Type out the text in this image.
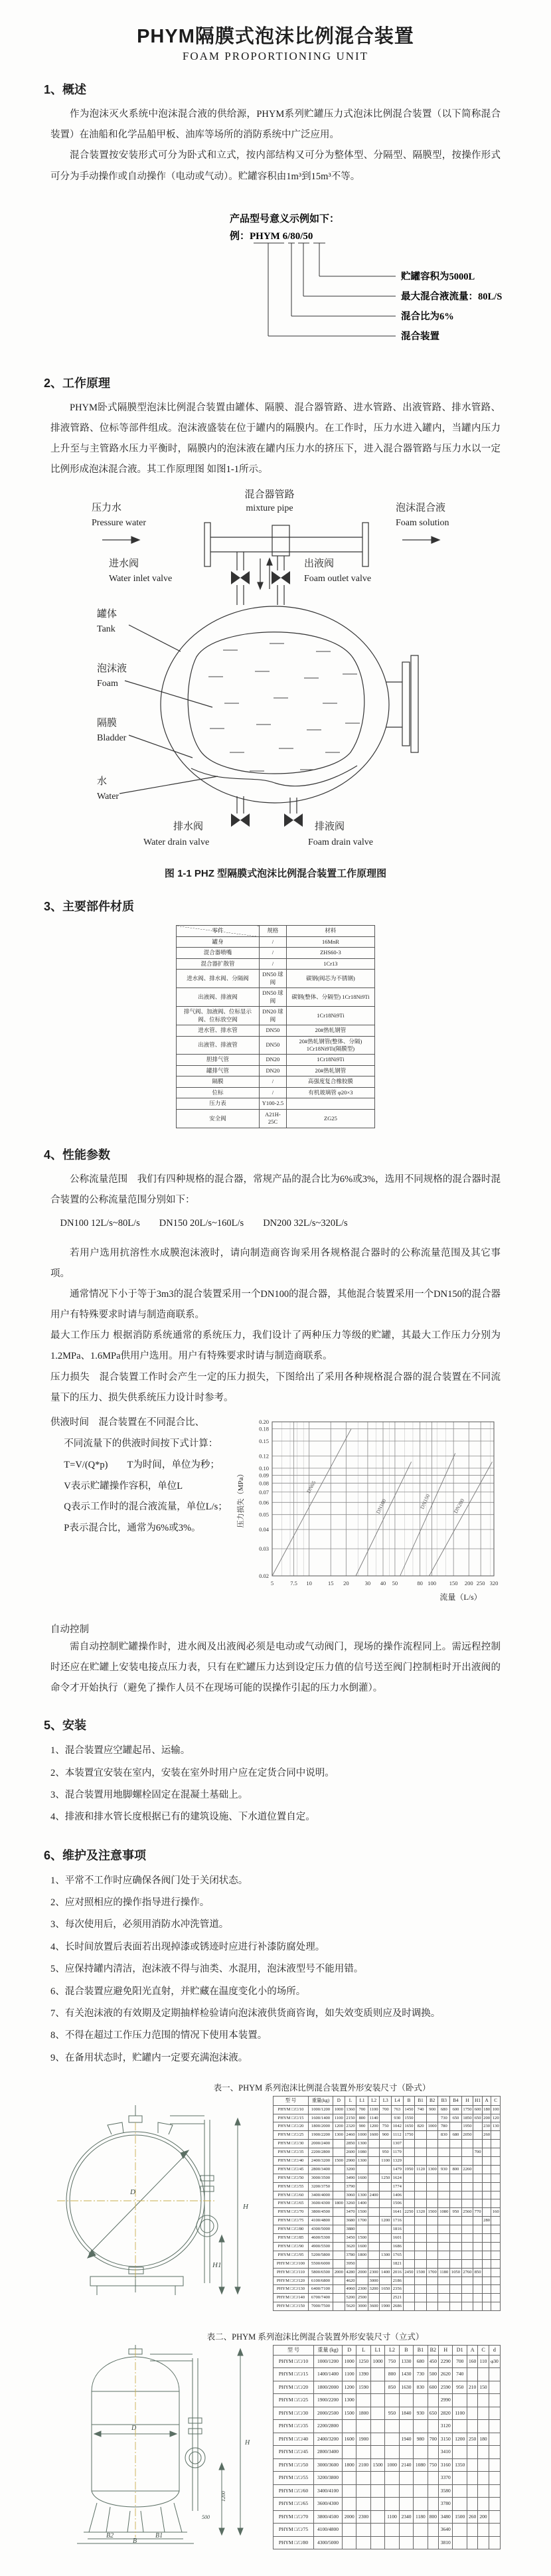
PHYM隔膜式泡沫比例混合装置
FOAM PROPORTIONING UNIT
1、概述

作为泡沫灭火系统中泡沫混合液的供给源，PHYM系列贮罐压力式泡沫比例混合装置（以下简称混合装置）在油船和化学品船甲板、油库等场所的消防系统中广泛应用。

混合装置按安装形式可分为卧式和立式，按内部结构又可分为整体型、分隔型、隔膜型，按操作形式可分为手动操作或自动操作（电动或气动）。贮罐容积由1m³到15m³不等。

产品型号意义示例如下：
例：PHYM 6/80/50
贮罐容积为5000L
最大混合液流量：80L/S
混合比为6%
混合装置
2、工作原理

PHYM卧式隔膜型泡沫比例混合装置由罐体、隔膜、混合器管路、进水管路、出液管路、排水管路、排液管路、位标等部件组成。泡沫液盛装在位于罐内的隔膜内。在工作时，压力水进入罐内，当罐内压力上升至与主管路水压力平衡时，隔膜内的泡沫液在罐内压力水的挤压下，进入混合器管路与压力水以一定比例形成泡沫混合液。其工作原理图 如图1-1所示。

混合器管路
mixture pipe
压力水
Pressure water
泡沫混合液
Foam solution
进水阀
Water inlet valve
出液阀
Foam outlet valve
罐体
Tank
泡沫液
Foam
隔膜
Bladder
水
Water
排水阀
Water drain valve
排液阀
Foam drain valve
图 1-1 PHZ 型隔膜式泡沫比例混合装置工作原理图
3、主要部件材质
零件	规格	材料
罐身	/	16MnR
混合器喷嘴	/	ZHS60-3
混合器扩散管	/	1Cr13
进水阀、排水阀、分隔阀	DN50 球阀	碳钢(阀芯为不锈钢)
出液阀、排液阀	DN50 球阀	碳钢(整体、分隔型) 1Cr18Ni9Ti
排气阀、加液阀、位标显示阀、位标放空阀	DN20 球阀	1Cr18Ni9Ti
进水管、排水管	DN50	20#热轧钢管
出液管、排液管	DN50	20#热轧钢管(整体、分隔) 1Cr18Ni9Ti(隔膜型)
胆排气管	DN20	1Cr18Ni9Ti
罐排气管	DN20	20#热轧钢管
隔膜	/	高强度复合橡胶膜
位标	/	有机玻璃管 φ20×3
压力表	Y100-2.5	
安全阀	A21H-25C	ZG25
4、性能参数

公称流量范围　我们有四种规格的混合器，常规产品的混合比为6%或3%，选用不同规格的混合器时混合装置的公称流量范围分别如下：

DN100 12L/s~80L/s　　DN150 20L/s~160L/s　　DN200 32L/s~320L/s

若用户选用抗溶性水成膜泡沫液时，请向制造商咨询采用各规格混合器时的公称流量范围及其它事项。

通常情况下小于等于3m3的混合装置采用一个DN100的混合器，其他混合装置采用一个DN150的混合器用户有特殊要求时请与制造商联系。

最大工作压力 根据消防系统通常的系统压力，我们设计了两种压力等级的贮罐，其最大工作压力分别为1.2MPa、1.6MPa供用户选用。用户有特殊要求时请与制造商联系。

压力损失　混合装置工作时会产生一定的压力损失，下图给出了采用各种规格混合器的混合装置在不同流量下的压力、损失供系统压力设计时参考。

供液时间　混合装置在不同混合比、
不同流量下的供液时间按下式计算：
T=V/(Q*p)　　T为时间，单位为秒；
V表示贮罐操作容积，单位L
Q表示工作时的混合液流量，单位L/s；
P表示混合比，通常为6%或3%。
5	7.5 10	15 20	30 40 50	80 100 150 200 250 320
0.02
0.03
0.04
0.05
0.06
0.07
0.08
0.09
0.10
0.12
0.15
0.18
0.20
DN65
DN100	DN150	DN200
压力损失（MPa）
流量（L/s）
自动控制

需自动控制贮罐操作时，进水阀及出液阀必须是电动或气动阀门，现场的操作流程同上。需远程控制时还应在贮罐上安装电接点压力表，只有在贮罐压力达到设定压力值的信号送至阀门控制柜时开出液阀的命令才开始执行（避免了操作人员不在现场可能的误操作引起的压力水倒灌）。

5、安装
1、混合装置应空罐起吊、运输。
2、本装置宜安装在室内，安装在室外时用户应在定货合同中说明。
3、混合装置用地脚螺栓固定在混凝土基础上。
4、排液和排水管长度根据已有的建筑设施、下水道位置自定。
6、维护及注意事项
1、平常不工作时应确保各阀门处于关闭状态。
2、应对照相应的操作指导进行操作。
3、每次使用后，必须用消防水冲洗管道。
4、长时间放置后表面若出现掉漆或锈迹时应进行补漆防腐处理。
5、应保持罐内清洁，泡沫液不得与油类、水混用，泡沫液型号不能用错。
6、混合装置应避免阳光直射，并贮藏在温度变化小的场所。
7、有关泡沫液的有效期及定期抽样检验请向泡沫液供货商咨询，如失效变质则应及时调换。
8、不得在超过工作压力范围的情况下使用本装置。
9、在备用状态时，贮罐内一定要充满泡沫液。
表一、PHYM 系列泡沫比例混合装置外形安装尺寸（卧式）
D
H
H1
型 号	重量(kg)	D	L	L1	L2	L3	L4	B	B1	B2	B3	B4	H	H1	A	C
PHYM □/□/10	1000/1200	1000	1360	700	1100	700	763	1450	740	900	680	600	1750	600	180	100
PHYM □/□/15	1600/1400	1100	2150	800	1140		930	1550			730	650	1850	650	200	120
PHYM □/□/20	1800/2000	1200	2320	900	1200	750	1042	1650	820	1000	780		1950		230	130
PHYM □/□/25	1900/2200	1300	2460	1000	1600	900	1112	1750			830	680	2050		260	
PHYM □/□/30	2000/2400		2850	1300			1307									
PHYM □/□/35	2200/2800		2600	1080		950	1179							700		
PHYM □/□/40	2400/3200	1500	2900	1300		1100	1329									
PHYM □/□/45	2800/3400		3200				1479	1950	1120	1300	930	800	2260			
PHYM □/□/50	3000/3500		3490	1600		1250	1624									
PHYM □/□/55	3200/3750		3790				1774									
PHYM □/□/60	3400/4000		3060	1300	2400		1406									
PHYM □/□/65	3600/4300	1800	3260	1400			1506									
PHYM □/□/70	3800/4500		3470	1500			1641	2250	1320	1500	1080	950	2560	770		160
PHYM □/□/75	4100/4800		3680	1700		1200	1716								280	
PHYM □/□/80	4300/5000		3880				1816									
PHYM □/□/85	4600/5300		3450	1500			1601									
PHYM □/□/90	4900/5500		3620	1600			1686									
PHYM □/□/95	5200/5800		3780	1800		1300	1765									
PHYM □/□/100	5500/6000		3950				1821									
PHYM □/□/110	5800/6500	2000	4280	2000	2300	1400	2016	2450	1500	1700	1180	1050	2760	850		
PHYM □/□/120	6100/6800		4620		3000		2186									
PHYM □/□/130	6400/7100		4960	2300	3200	1650	2356									
PHYM □/□/140	6700/7400		5200	2500			2521									
PHYM □/□/150	7000/7500		5620	3000	3600	1900	2686									
表二、PHYM 系列泡沫比例混合装置外形安装尺寸（立式）
D
H
1200
B2	B1
B
500
型 号	重量 (kg)	D	L	L1	L2	B	B1	B2	H	D1	A	C	d
PHYM □/□/10	1000/1200	1000	1250	1000	750	1330	680	450	2290	700	160	110	φ30
PHYM □/□/15	1400/1400	1100	1390		800	1430	730	500	2620	740			
PHYM □/□/20	1800/2000	1200	1590		850	1630	830	600	2590	950	210	150	
PHYM □/□/25	1900/2200	1300							2990				
PHYM □/□/30	2000/2500	1500	1800		950	1840	930	650	2820	1100			
PHYM □/□/35	2200/2800								3120				
PHYM □/□/40	2400/3200	1600	1900			1940	980	700	3150	1200	250	180	
PHYM □/□/45	2800/3400								3410				
PHYM □/□/50	3000/3600	1800	2100	1500	1000	2140	1080	750	3160	1350			
PHYM □/□/55	3200/3800								3370				
PHYM □/□/60	3400/4100								3580				
PHYM □/□/65	3600/4300								3780				
PHYM □/□/70	3800/4500	2000	2300		1100	2340	1180	800	3480	1500	260	200	
PHYM □/□/75	4100/4800								3640				
PHYM □/□/80	4300/5000								3810				
